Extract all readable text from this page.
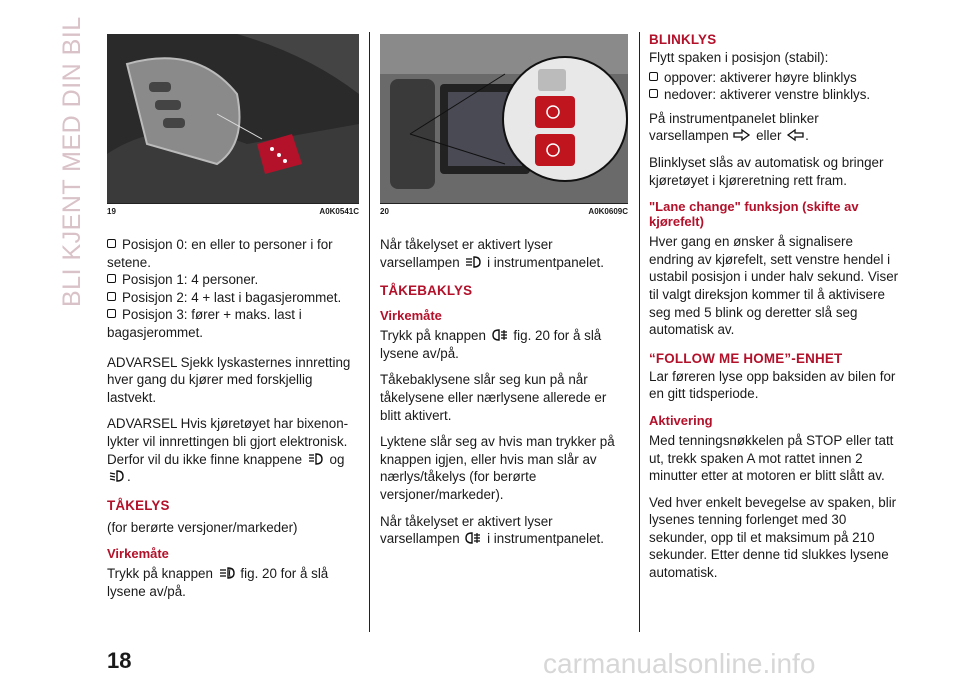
BLI KJENT MED DIN BIL	19	A0K0541C

Posisjon 0: en eller to personer i for setene.

Posisjon 1: 4 personer.

Posisjon 2: 4 + last i bagasjerommet.

Posisjon 3: fører + maks. last i bagasjerommet.

ADVARSEL Sjekk lyskasternes innretting hver gang du kjører med forskjellig lastvekt.

ADVARSEL Hvis kjøretøyet har bixenon-lykter vil innrettingen bli gjort elektronisk. Derfor vil du ikke finne knappene og .

TÅKELYS

(for berørte versjoner/markeder)

Virkemåte

Trykk på knappen fig. 20 for å slå lysene av/på.

20	A0K0609C

Når tåkelyset er aktivert lyser varsellampen i instrumentpanelet.

TÅKEBAKLYS
Virkemåte

Trykk på knappen fig. 20 for å slå lysene av/på.

Tåkebaklysene slår seg kun på når tåkelysene eller nærlysene allerede er blitt aktivert.

Lyktene slår seg av hvis man trykker på knappen igjen, eller hvis man slår av nærlys/tåkelys (for berørte versjoner/markeder).

Når tåkelyset er aktivert lyser varsellampen i instrumentpanelet.

BLINKLYS

Flytt spaken i posisjon (stabil):

oppover: aktiverer høyre blinklys

nedover: aktiverer venstre blinklys.

På instrumentpanelet blinker varsellampen eller .

Blinklyset slås av automatisk og bringer kjøretøyet i kjøreretning rett fram.

"Lane change" funksjon (skifte av kjørefelt)

Hver gang en ønsker å signalisere endring av kjørefelt, sett venstre hendel i ustabil posisjon i under halv sekund. Viser til valgt direksjon kommer til å aktivisere seg med 5 blink og deretter slå seg automatisk av.

“FOLLOW ME HOME”-ENHET

Lar føreren lyse opp baksiden av bilen for en gitt tidsperiode.

Aktivering

Med tenningsnøkkelen på STOP eller tatt ut, trekk spaken A mot rattet innen 2 minutter etter at motoren er blitt slått av.

Ved hver enkelt bevegelse av spaken, blir lysenes tenning forlenget med 30 sekunder, opp til et maksimum på 210 sekunder. Etter denne tid slukkes lysene automatisk.

18	carmanualsonline.info
